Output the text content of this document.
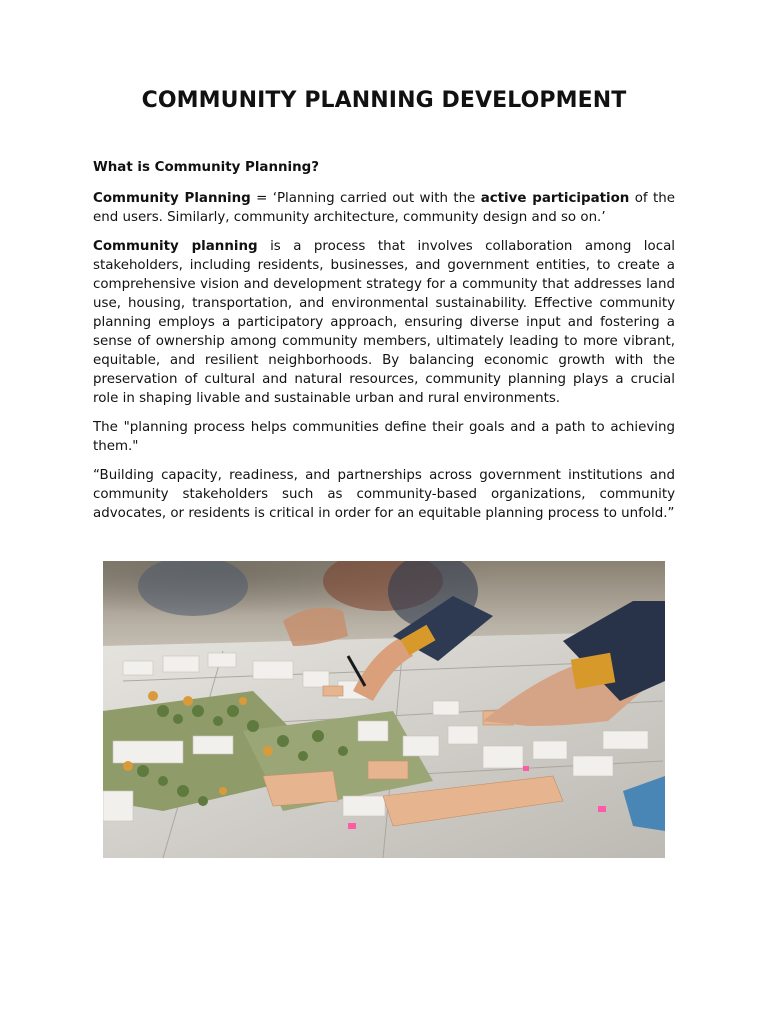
COMMUNITY PLANNING DEVELOPMENT

What is Community Planning?

Community Planning = ‘Planning carried out with the active participation of the end users. Similarly, community architecture, community design and so on.’

Community planning is a process that involves collaboration among local stakeholders, including residents, businesses, and government entities, to create a comprehensive vision and development strategy for a community that addresses land use, housing, transportation, and environmental sustainability. Effective community planning employs a participatory approach, ensuring diverse input and fostering a sense of ownership among community members, ultimately leading to more vibrant, equitable, and resilient neighborhoods. By balancing economic growth with the preservation of cultural and natural resources, community planning plays a crucial role in shaping livable and sustainable urban and rural environments.

The "planning process helps communities define their goals and a path to achieving them."

“Building capacity, readiness, and partnerships across government institutions and community stakeholders such as community-based organizations, community advocates, or residents is critical in order for an equitable planning process to unfold.”
